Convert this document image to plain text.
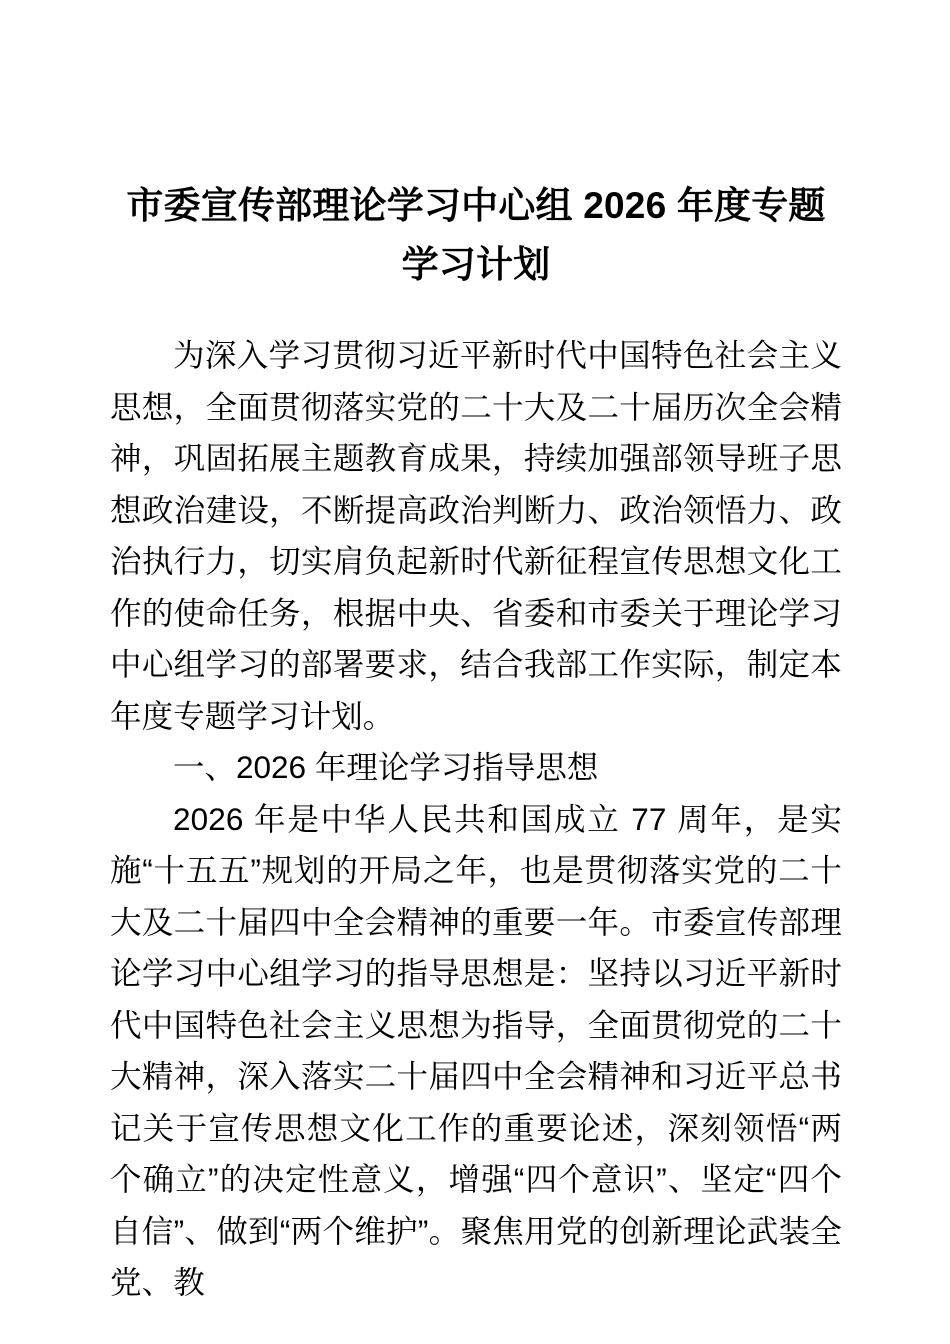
市委宣传部理论学习中心组 2026 年度专题
学习计划

为深入学习贯彻习近平新时代中国特色社会主义思想，全面贯彻落实党的二十大及二十届历次全会精神，巩固拓展主题教育成果，持续加强部领导班子思想政治建设，不断提高政治判断力、政治领悟力、政治执行力，切实肩负起新时代新征程宣传思想文化工作的使命任务，根据中央、省委和市委关于理论学习中心组学习的部署要求，结合我部工作实际，制定本年度专题学习计划。

一、2026 年理论学习指导思想

2026 年是中华人民共和国成立 77 周年，是实施“十五五”规划的开局之年，也是贯彻落实党的二十大及二十届四中全会精神的重要一年。市委宣传部理论学习中心组学习的指导思想是：坚持以习近平新时代中国特色社会主义思想为指导，全面贯彻党的二十大精神，深入落实二十届四中全会精神和习近平总书记关于宣传思想文化工作的重要论述，深刻领悟“两个确立”的决定性意义，增强“四个意识”、坚定“四个自信”、做到“两个维护”。聚焦用党的创新理论武装全党、教
